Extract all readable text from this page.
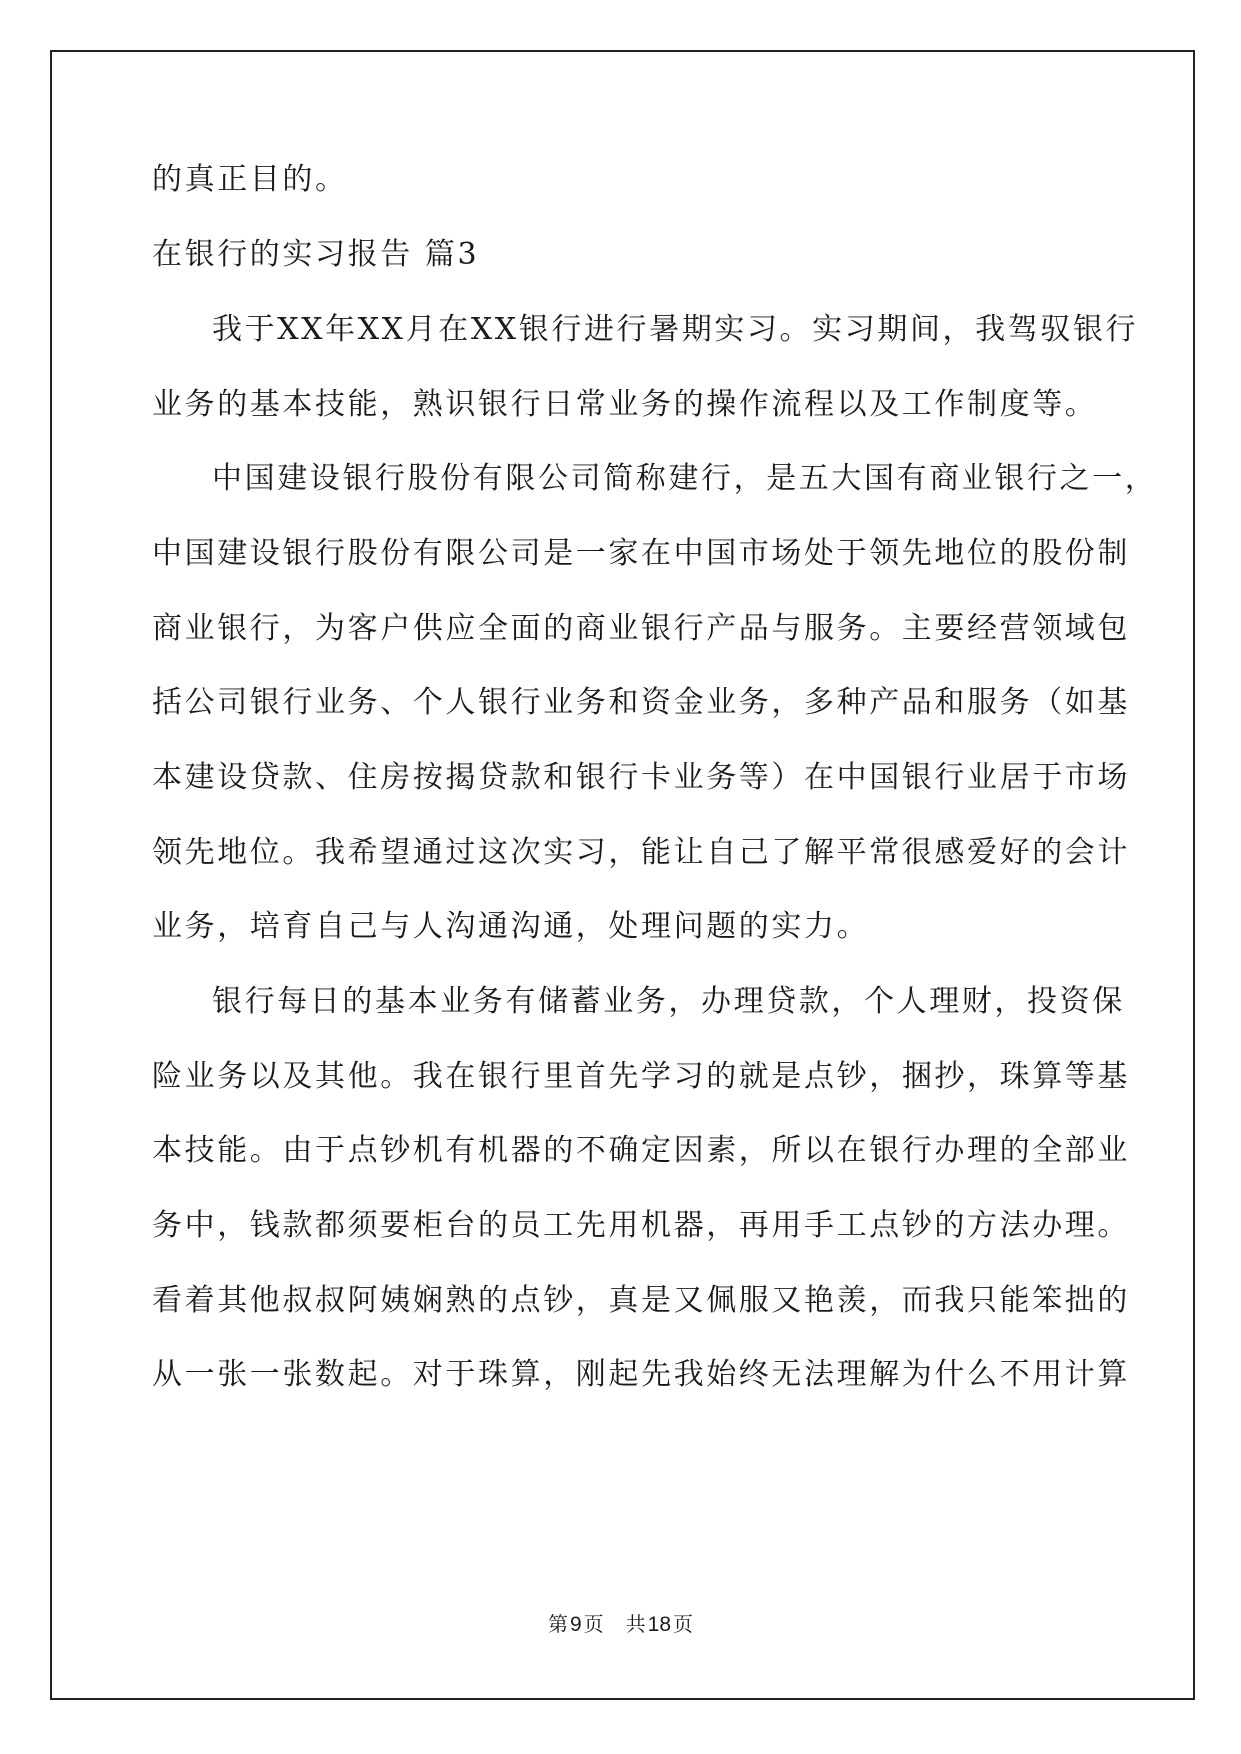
的真正目的。
在银行的实习报告 篇3
我于XX年XX月在XX银行进行暑期实习。实习期间，我驾驭银行
业务的基本技能，熟识银行日常业务的操作流程以及工作制度等。
中国建设银行股份有限公司简称建行，是五大国有商业银行之一，
中国建设银行股份有限公司是一家在中国市场处于领先地位的股份制
商业银行，为客户供应全面的商业银行产品与服务。主要经营领域包
括公司银行业务、个人银行业务和资金业务，多种产品和服务（如基
本建设贷款、住房按揭贷款和银行卡业务等）在中国银行业居于市场
领先地位。我希望通过这次实习，能让自己了解平常很感爱好的会计
业务，培育自己与人沟通沟通，处理问题的实力。
银行每日的基本业务有储蓄业务，办理贷款，个人理财，投资保
险业务以及其他。我在银行里首先学习的就是点钞，捆抄，珠算等基
本技能。由于点钞机有机器的不确定因素，所以在银行办理的全部业
务中，钱款都须要柜台的员工先用机器，再用手工点钞的方法办理。
看着其他叔叔阿姨娴熟的点钞，真是又佩服又艳羡，而我只能笨拙的
从一张一张数起。对于珠算，刚起先我始终无法理解为什么不用计算
第9 页 共18 页
